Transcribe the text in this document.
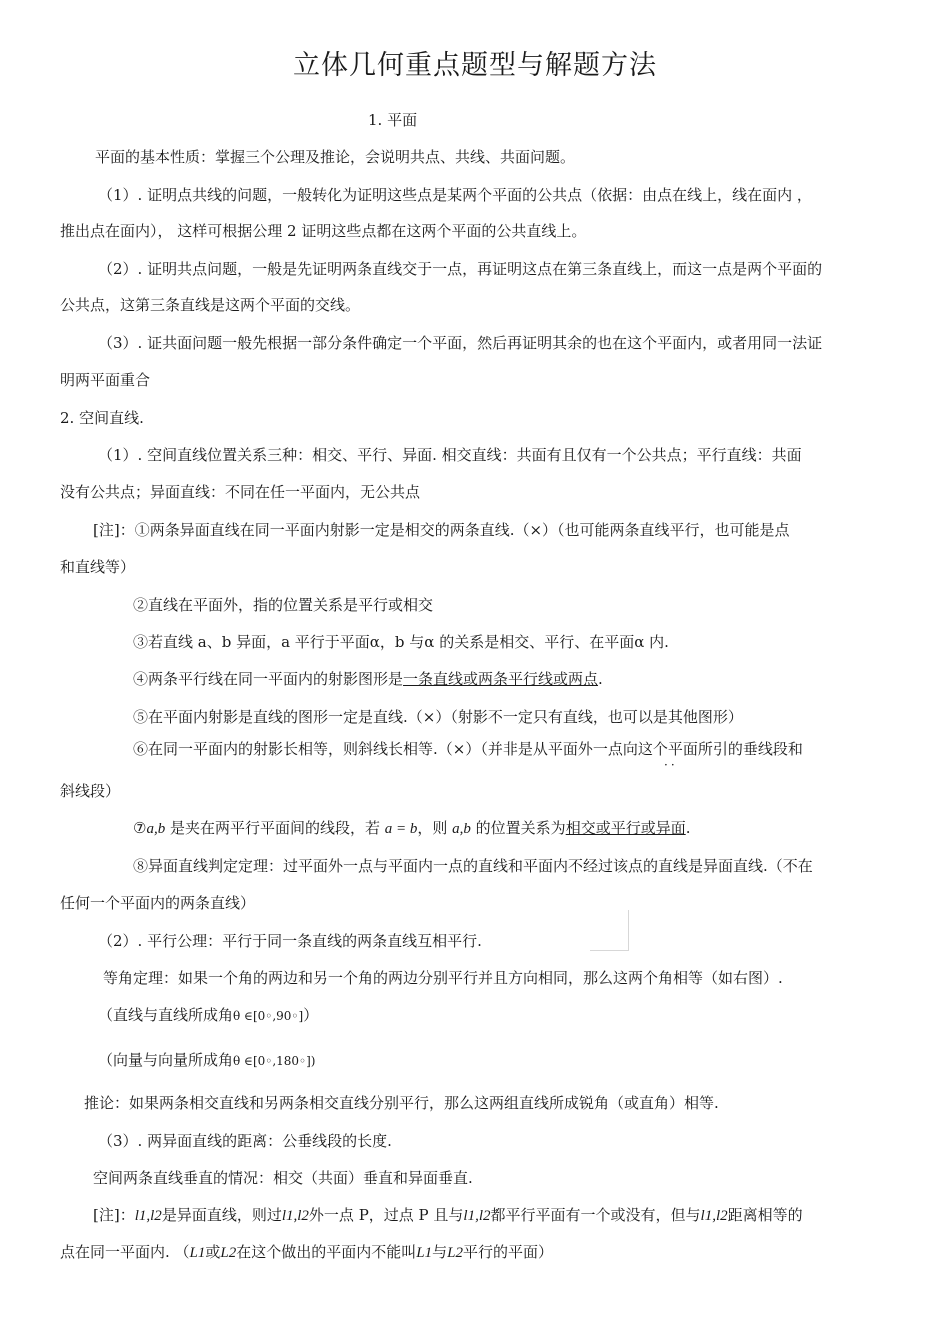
立体几何重点题型与解题方法
1. 平面
平面的基本性质：掌握三个公理及推论，会说明共点、共线、共面问题。
（1）. 证明点共线的问题，一般转化为证明这些点是某两个平面的公共点（依据：由点在线上，线在面内 ，
推出点在面内）， 这样可根据公理 2 证明这些点都在这两个平面的公共直线上。
（2）. 证明共点问题，一般是先证明两条直线交于一点，再证明这点在第三条直线上，而这一点是两个平面的
公共点，这第三条直线是这两个平面的交线。
（3）. 证共面问题一般先根据一部分条件确定一个平面，然后再证明其余的也在这个平面内，或者用同一法证
明两平面重合
2. 空间直线.
（1）. 空间直线位置关系三种：相交、平行、异面. 相交直线：共面有且仅有一个公共点；平行直线：共面
没有公共点；异面直线：不同在任一平面内，无公共点
[注]：①两条异面直线在同一平面内射影一定是相交的两条直线.（×）（也可能两条直线平行，也可能是点
和直线等）
②直线在平面外，指的位置关系是平行或相交
③若直线 a、b 异面，a 平行于平面α，b 与α 的关系是相交、平行、在平面α 内.
④两条平行线在同一平面内的射影图形是一条直线或两条平行线或两点.
⑤在平面内射影是直线的图形一定是直线.（×）（射影不一定只有直线，也可以是其他图形）
⑥在同一平面内的射影长相等，则斜线长相等.（×）（并非是从平面外一点向这个平面所引的垂线段和
··
斜线段）
⑦a,b 是夹在两平行平面间的线段，若 a = b，则 a,b 的位置关系为相交或平行或异面.
⑧异面直线判定定理：过平面外一点与平面内一点的直线和平面内不经过该点的直线是异面直线.（不在
任何一个平面内的两条直线）
（2）. 平行公理：平行于同一条直线的两条直线互相平行.
等角定理：如果一个角的两边和另一个角的两边分别平行并且方向相同，那么这两个角相等（如右图）.
（直线与直线所成角θ ∈[0◦,90◦]）
（向量与向量所成角θ ∈[0◦,180◦])
推论：如果两条相交直线和另两条相交直线分别平行，那么这两组直线所成锐角（或直角）相等.
（3）. 两异面直线的距离：公垂线段的长度.
空间两条直线垂直的情况：相交（共面）垂直和异面垂直.
[注]：l1,l2是异面直线，则过l1,l2外一点 P，过点 P 且与l1,l2都平行平面有一个或没有，但与l1,l2距离相等的
点在同一平面内. （L1或L2在这个做出的平面内不能叫L1与L2平行的平面）
